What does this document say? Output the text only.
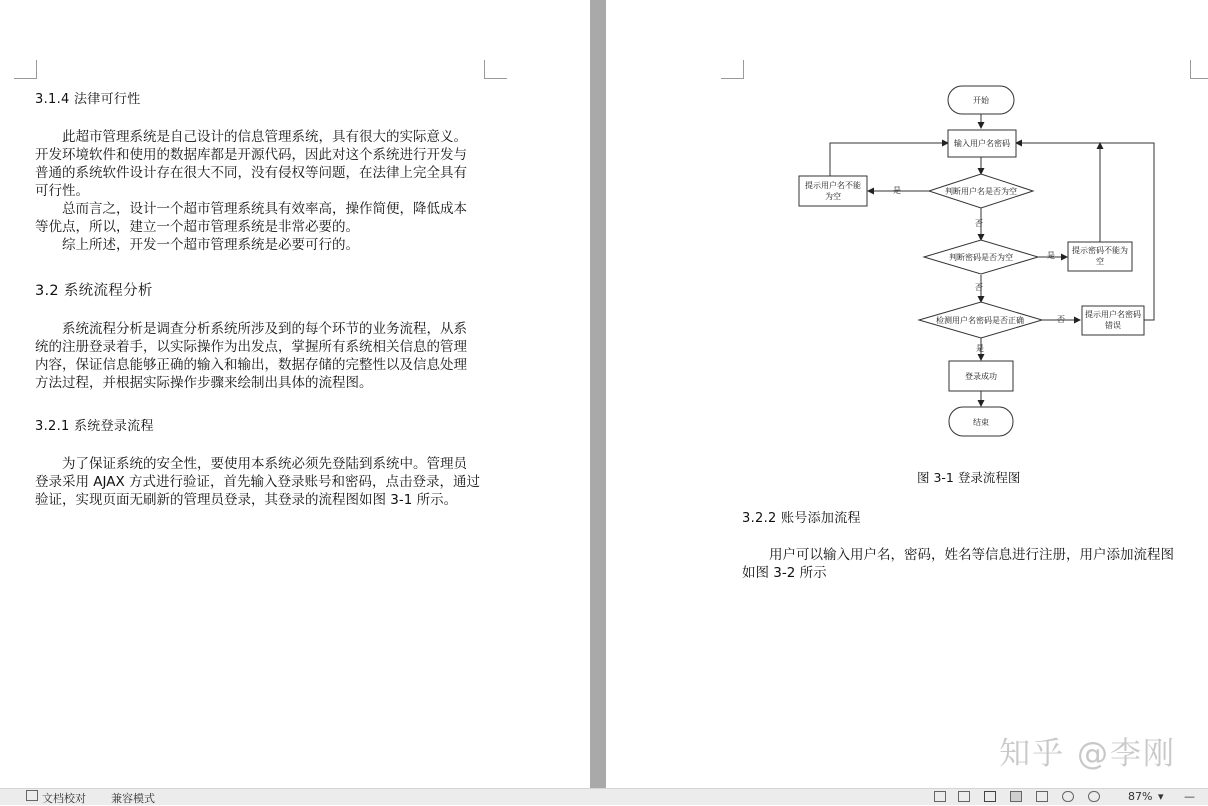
3.1.4 法律可行性
此超市管理系统是自己设计的信息管理系统，具有很大的实际意义。
开发环境软件和使用的数据库都是开源代码，因此对这个系统进行开发与
普通的系统软件设计存在很大不同，没有侵权等问题，在法律上完全具有
可行性。
总而言之，设计一个超市管理系统具有效率高，操作简便，降低成本
等优点，所以，建立一个超市管理系统是非常必要的。
综上所述，开发一个超市管理系统是必要可行的。
3.2 系统流程分析
系统流程分析是调查分析系统所涉及到的每个环节的业务流程，从系
统的注册登录着手，以实际操作为出发点，掌握所有系统相关信息的管理
内容，保证信息能够正确的输入和输出，数据存储的完整性以及信息处理
方法过程，并根据实际操作步骤来绘制出具体的流程图。
3.2.1 系统登录流程
为了保证系统的安全性，要使用本系统必须先登陆到系统中。管理员
登录采用 AJAX 方式进行验证，首先输入登录账号和密码，点击登录，通过
验证，实现页面无刷新的管理员登录，其登录的流程图如图 3-1 所示。
开始
输入用户名密码
判断用户名是否为空
提示用户名不能
为空
判断密码是否为空
提示密码不能为
空
检测用户名密码是否正确
提示用户名密码
错误
登录成功
结束
是
否
是
否
否
是
图 3-1 登录流程图
3.2.2 账号添加流程
用户可以输入用户名，密码，姓名等信息进行注册，用户添加流程图
如图 3-2 所示
知乎 @李刚
文档校对 兼容模式	87% ▾ —
